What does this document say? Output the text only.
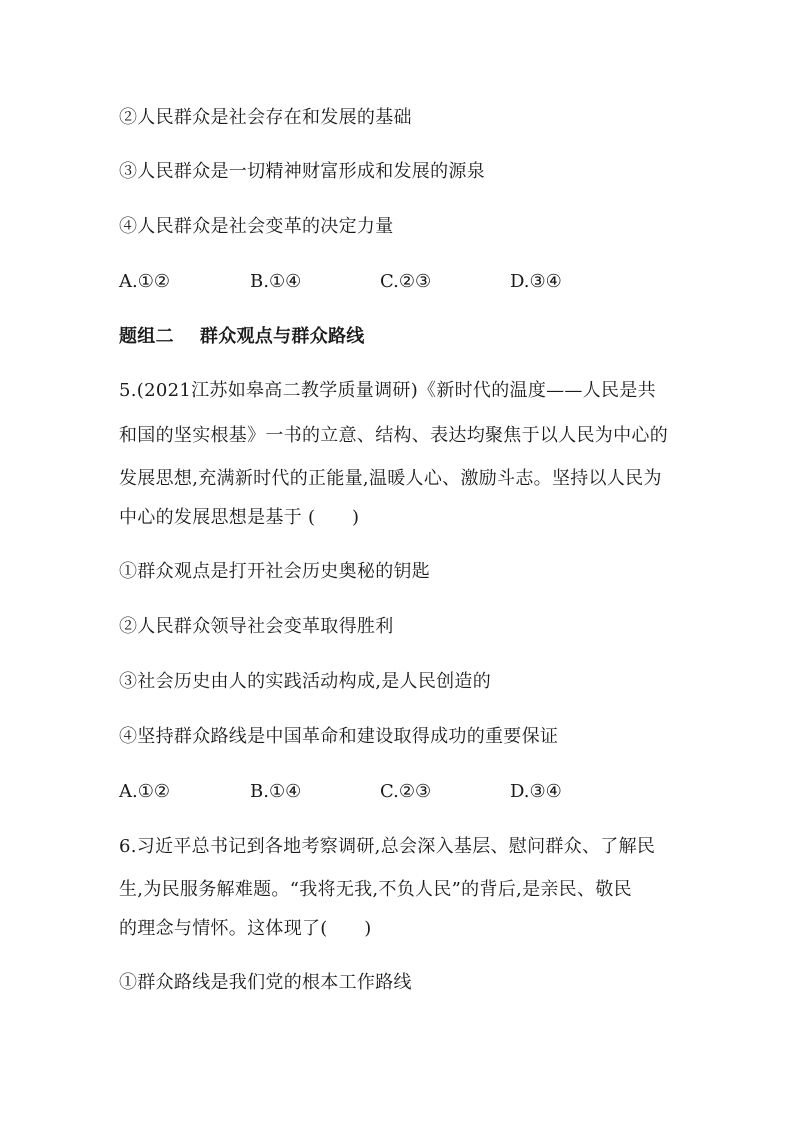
②人民群众是社会存在和发展的基础
③人民群众是一切精神财富形成和发展的源泉
④人民群众是社会变革的决定力量
A.①②	B.①④	C.②③	D.③④
题组二 群众观点与群众路线
5.(2021江苏如皋高二教学质量调研)《新时代的温度——人民是共
和国的坚实根基》一书的立意、结构、表达均聚焦于以人民为中心的
发展思想,充满新时代的正能量,温暖人心、激励斗志。坚持以人民为
中心的发展思想是基于 (　　)
①群众观点是打开社会历史奥秘的钥匙
②人民群众领导社会变革取得胜利
③社会历史由人的实践活动构成,是人民创造的
④坚持群众路线是中国革命和建设取得成功的重要保证
A.①②	B.①④	C.②③	D.③④
6.习近平总书记到各地考察调研,总会深入基层、慰问群众、了解民
生,为民服务解难题。“我将无我,不负人民”的背后,是亲民、敬民
的理念与情怀。这体现了(　　)
①群众路线是我们党的根本工作路线
